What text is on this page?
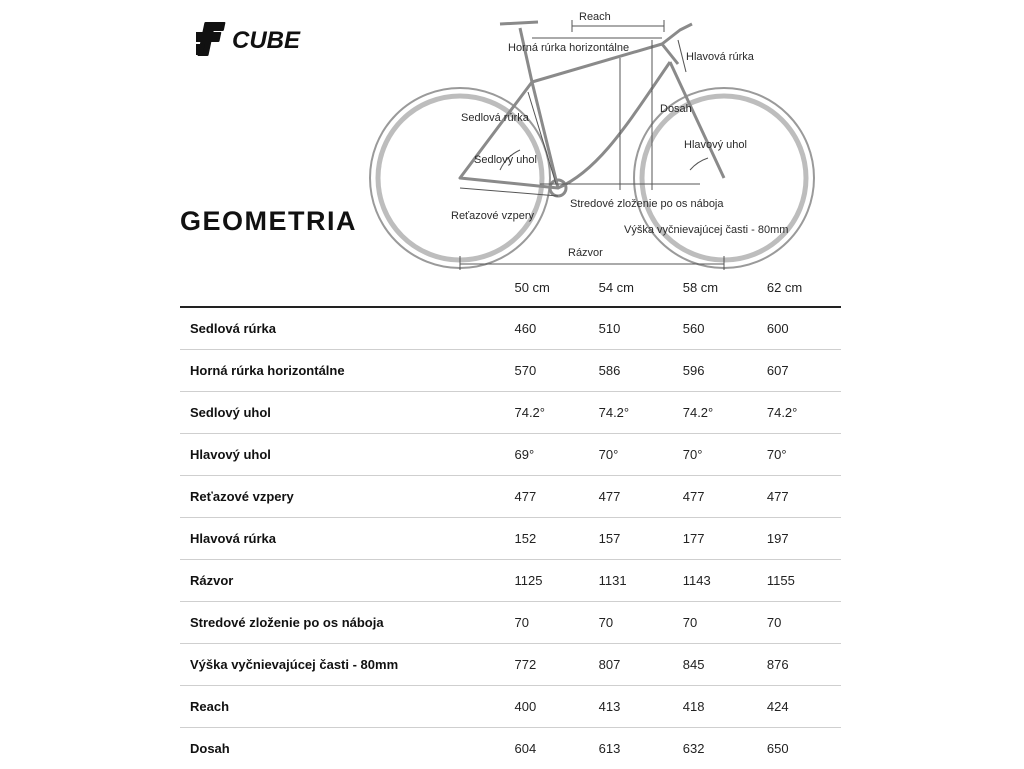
CUBE
GEOMETRIA
Reach
Horná rúrka horizontálne
Hlavová rúrka
Dosah
Sedlová rúrka
Sedlový uhol
Hlavový uhol
Stredové zloženie po os náboja
Reťazové vzpery
Výška vyčnievajúcej časti - 80mm
Rázvor
	50 cm	54 cm	58 cm	62 cm
Sedlová rúrka	460	510	560	600
Horná rúrka horizontálne	570	586	596	607
Sedlový uhol	74.2°	74.2°	74.2°	74.2°
Hlavový uhol	69°	70°	70°	70°
Reťazové vzpery	477	477	477	477
Hlavová rúrka	152	157	177	197
Rázvor	1125	1131	1143	1155
Stredové zloženie po os náboja	70	70	70	70
Výška vyčnievajúcej časti - 80mm	772	807	845	876
Reach	400	413	418	424
Dosah	604	613	632	650
